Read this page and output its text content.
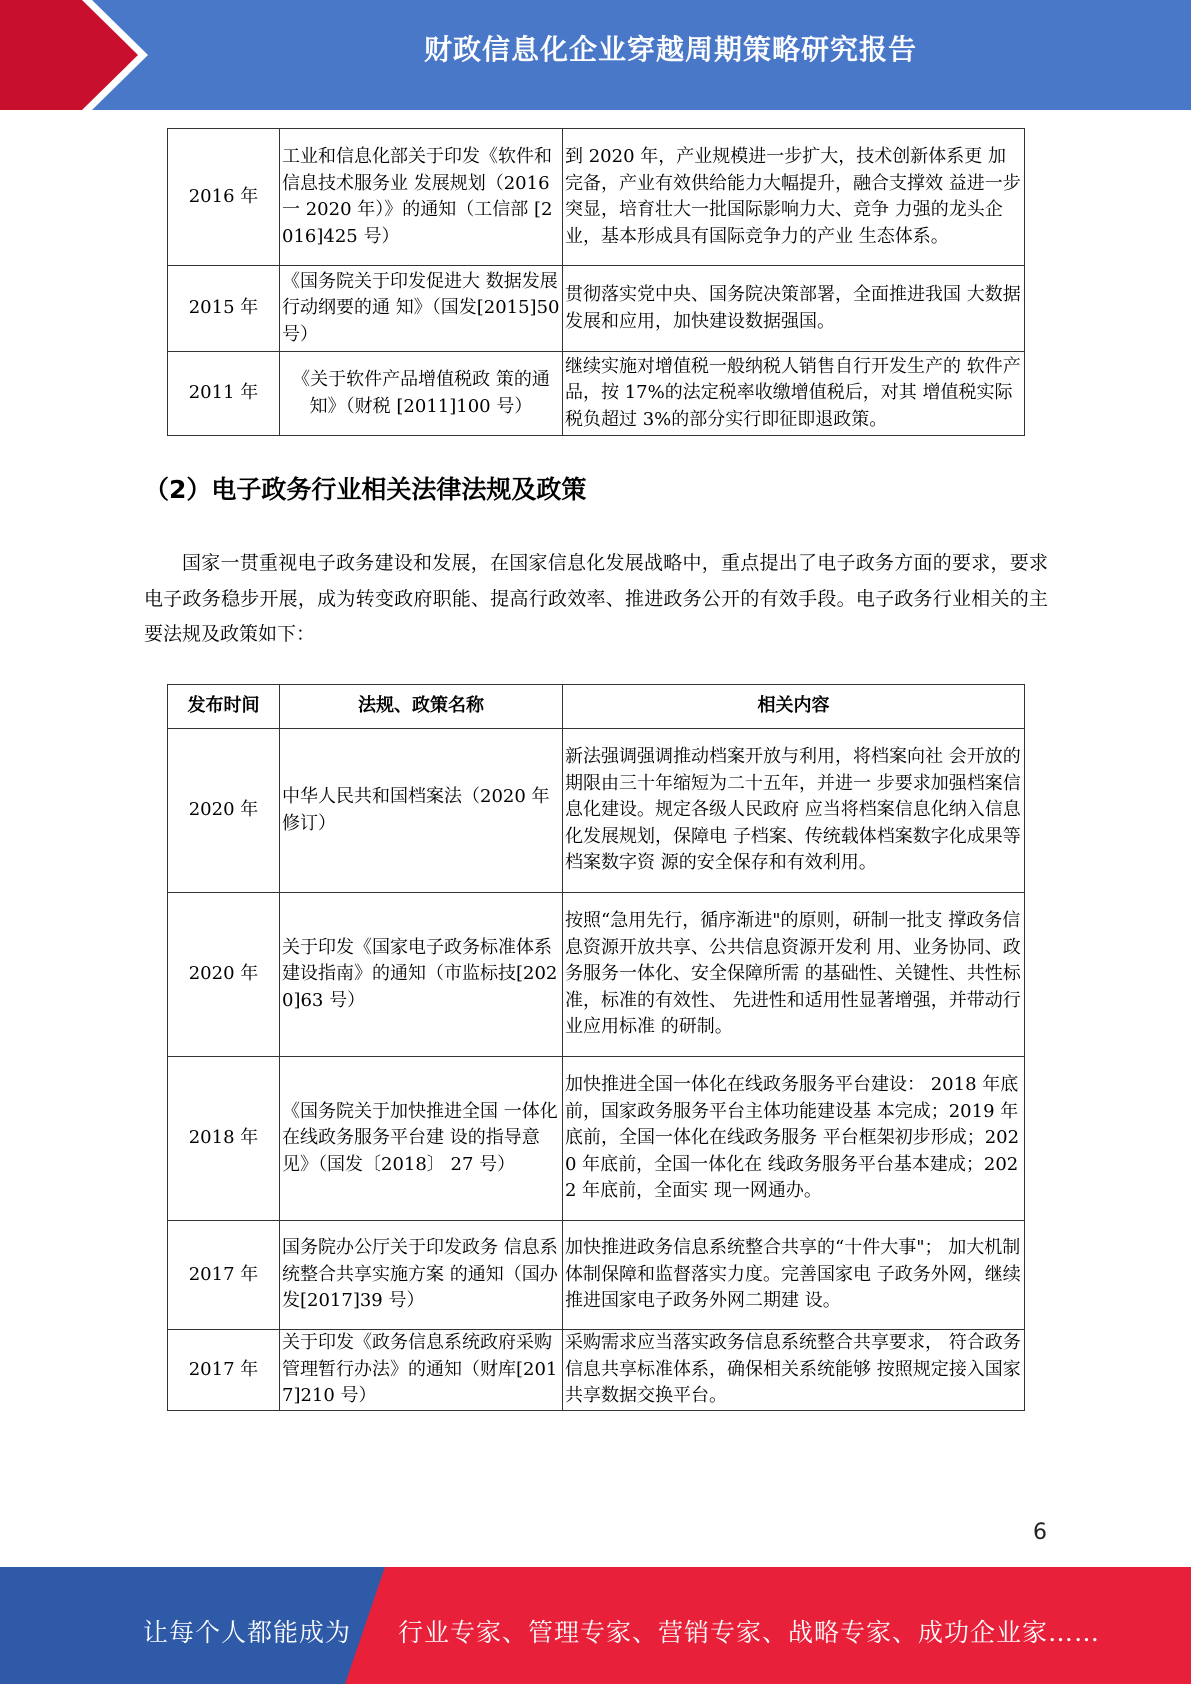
财政信息化企业穿越周期策略研究报告
2016 年	工业和信息化部关于印发《软件和信息技术服务业 发展规划（2016 一 2020 年）》的通知（工信部 [2016]425 号）	到 2020 年，产业规模进一步扩大，技术创新体系更 加完备，产业有效供给能力大幅提升，融合支撑效 益进一步突显，培育壮大一批国际影响力大、竞争 力强的龙头企业，基本形成具有国际竞争力的产业 生态体系。
2015 年	《国务院关于印发促进大 数据发展行动纲要的通 知》（国发[2015]50 号）	贯彻落实党中央、国务院决策部署，全面推进我国 大数据发展和应用，加快建设数据强国。
2011 年	《关于软件产品增值税政 策的通知》（财税 [2011]100 号）	继续实施对增值税一般纳税人销售自行开发生产的 软件产品，按 17%的法定税率收缴增值税后，对其 增值税实际税负超过 3%的部分实行即征即退政策。
（2）电子政务行业相关法律法规及政策

国家一贯重视电子政务建设和发展，在国家信息化发展战略中，重点提出了电子政务方面的要求，要求电子政务稳步开展，成为转变政府职能、提高行政效率、推进政务公开的有效手段。电子政务行业相关的主要法规及政策如下：

发布时间	法规、政策名称	相关内容
2020 年	中华人民共和国档案法（2020 年修订）	新法强调强调推动档案开放与利用，将档案向社 会开放的期限由三十年缩短为二十五年，并进一 步要求加强档案信息化建设。规定各级人民政府 应当将档案信息化纳入信息化发展规划，保障电 子档案、传统载体档案数字化成果等档案数字资 源的安全保存和有效利用。
2020 年	关于印发《国家电子政务标准体系建设指南》的通知（市监标技[2020]63 号）	按照“急用先行，循序渐进"的原则，研制一批支 撑政务信息资源开放共享、公共信息资源开发利 用、业务协同、政务服务一体化、安全保障所需 的基础性、关键性、共性标准，标准的有效性、 先进性和适用性显著增强，并带动行业应用标准 的研制。
2018 年	《国务院关于加快推进全国 一体化在线政务服务平台建 设的指导意见》（国发〔2018〕 27 号）	加快推进全国一体化在线政务服务平台建设： 2018 年底前，国家政务服务平台主体功能建设基 本完成；2019 年底前，全国一体化在线政务服务 平台框架初步形成；2020 年底前，全国一体化在 线政务服务平台基本建成；2022 年底前，全面实 现一网通办。
2017 年	国务院办公厅关于印发政务 信息系统整合共享实施方案 的通知（国办发[2017]39 号）	加快推进政务信息系统整合共享的“十件大事"； 加大机制体制保障和监督落实力度。完善国家电 子政务外网，继续推进国家电子政务外网二期建 设。
2017 年	关于印发《政务信息系统政府采购管理暂行办法》的通知（财库[2017]210 号）	采购需求应当落实政务信息系统整合共享要求， 符合政务信息共享标准体系，确保相关系统能够 按照规定接入国家共享数据交换平台。
6
让每个人都能成为 行业专家、管理专家、营销专家、战略专家、成功企业家……
